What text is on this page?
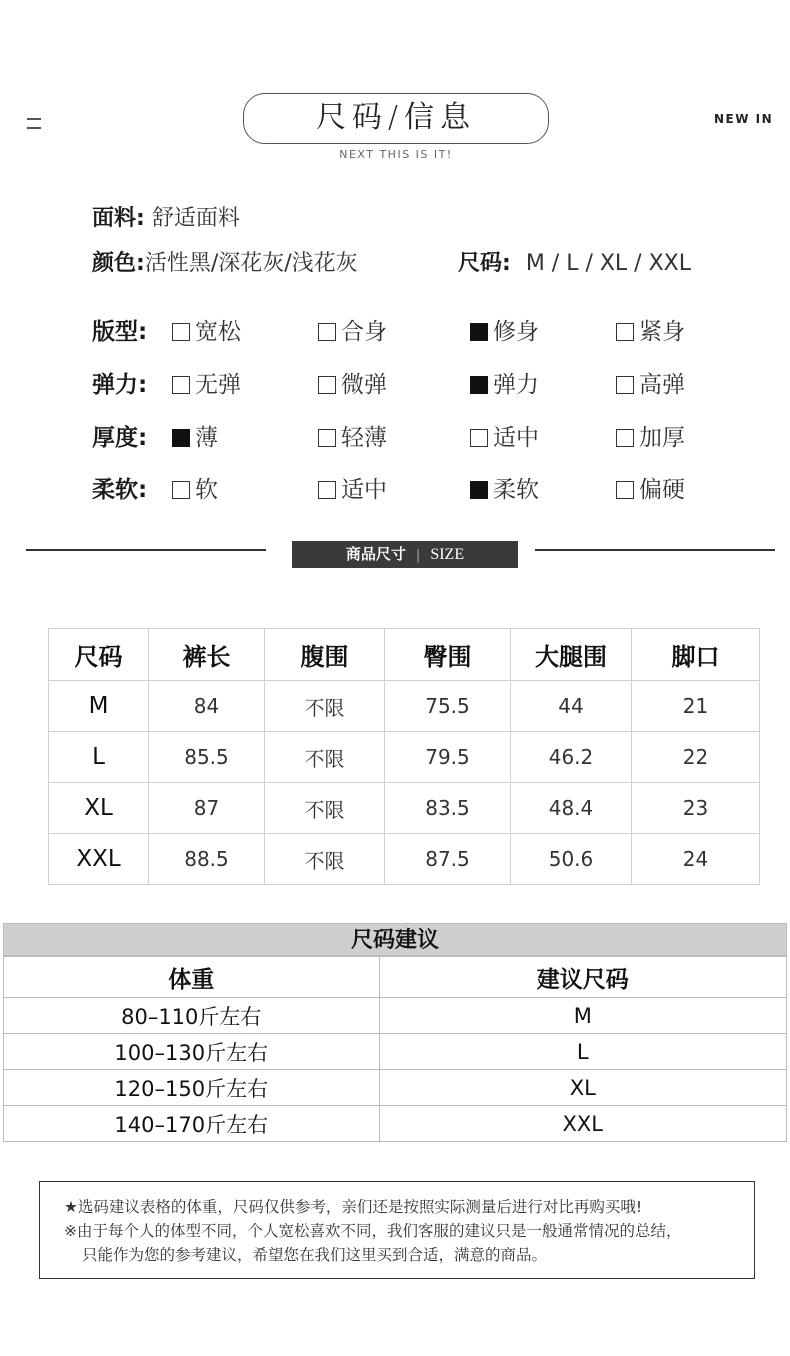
尺码/信息
NEXT THIS IS IT!
NEW IN
面料: 舒适面料
颜色:活性黑/深花灰/浅花灰	尺码: M / L / XL / XXL
版型: 宽松	合身	修身	紧身
弹力: 无弹	微弹	弹力	高弹
厚度: 薄	轻薄	适中	加厚
柔软: 软	适中	柔软	偏硬
商品尺寸 | SIZE
尺码	裤长	腹围	臀围	大腿围	脚口
M	84	不限	75.5	44	21
L	85.5	不限	79.5	46.2	22
XL	87	不限	83.5	48.4	23
XXL	88.5	不限	87.5	50.6	24
尺码建议
体重	建议尺码
80–110斤左右	M
100–130斤左右	L
120–150斤左右	XL
140–170斤左右	XXL

★选码建议表格的体重，尺码仅供参考，亲们还是按照实际测量后进行对比再购买哦!

※由于每个人的体型不同，个人宽松喜欢不同，我们客服的建议只是一般通常情况的总结，

只能作为您的参考建议，希望您在我们这里买到合适，满意的商品。
